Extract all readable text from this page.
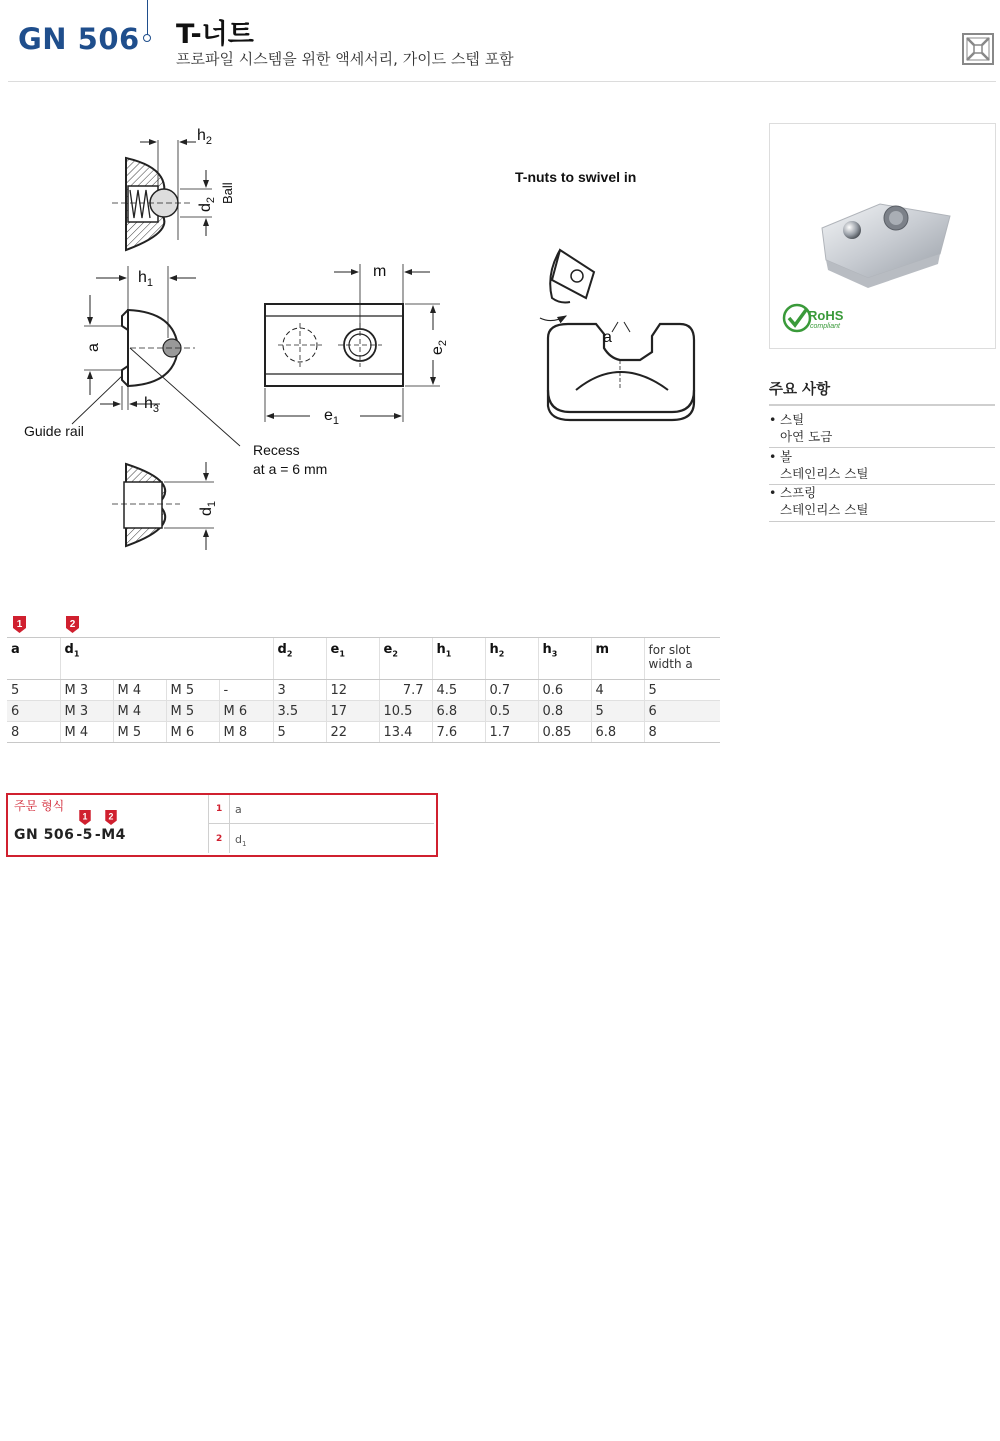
GN 506 T-너트
프로파일 시스템을 위한 액세서리, 가이드 스텝 포함
$h_2$
$d_2$ Ball
$h_1$
a
$h_3$
Guide rail
Recess
at a = 6 mm
m
$e_2$
$e_1$
$d_1$
T-nuts to swivel in
a
RoHS
compliant
주요 사항
• 스틸
아연 도금
• 볼
스테인리스 스틸
• 스프링
스테인리스 스틸
1	2
a	$d_1$				$d_2$	$e_1$	$e_2$	$h_1$	$h_2$	$h_3$	m	for slot
width a
5	M 3	M 4	M 5	-	3	12	7.7	4.5	0.7	0.6	4	5
6	M 3	M 4	M 5	M 6	3.5	17	10.5	6.8	0.5	0.8	5	6
8	M 4	M 5	M 6	M 8	5	22	13.4	7.6	1.7	0.85	6.8	8
주문 형식
1 2
GN 506 -5 -M4
1 a
2 $d_1$
